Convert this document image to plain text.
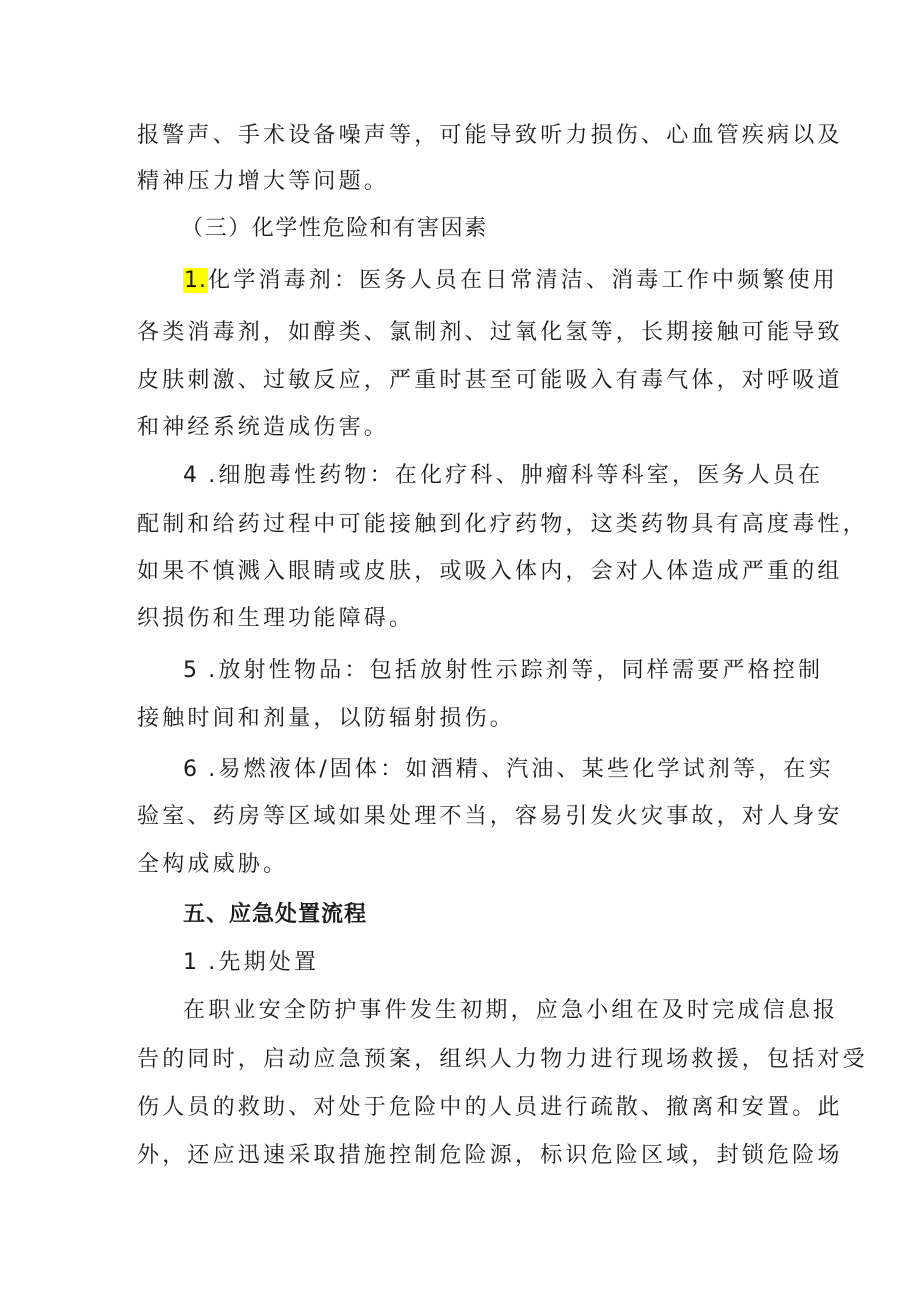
报警声、手术设备噪声等，可能导致听力损伤、心血管疾病以及
精神压力增大等问题。
（三）化学性危险和有害因素
1.化学消毒剂：医务人员在日常清洁、消毒工作中频繁使用
各类消毒剂，如醇类、氯制剂、过氧化氢等，长期接触可能导致
皮肤刺激、过敏反应，严重时甚至可能吸入有毒气体，对呼吸道
和神经系统造成伤害。
4 .细胞毒性药物：在化疗科、肿瘤科等科室，医务人员在
配制和给药过程中可能接触到化疗药物，这类药物具有高度毒性，
如果不慎溅入眼睛或皮肤，或吸入体内，会对人体造成严重的组
织损伤和生理功能障碍。
5 .放射性物品：包括放射性示踪剂等，同样需要严格控制
接触时间和剂量，以防辐射损伤。
6 .易燃液体/固体：如酒精、汽油、某些化学试剂等，在实
验室、药房等区域如果处理不当，容易引发火灾事故，对人身安
全构成威胁。
五、应急处置流程
1 .先期处置
在职业安全防护事件发生初期，应急小组在及时完成信息报
告的同时，启动应急预案，组织人力物力进行现场救援，包括对受
伤人员的救助、对处于危险中的人员进行疏散、撤离和安置。此
外，还应迅速采取措施控制危险源，标识危险区域，封锁危险场
